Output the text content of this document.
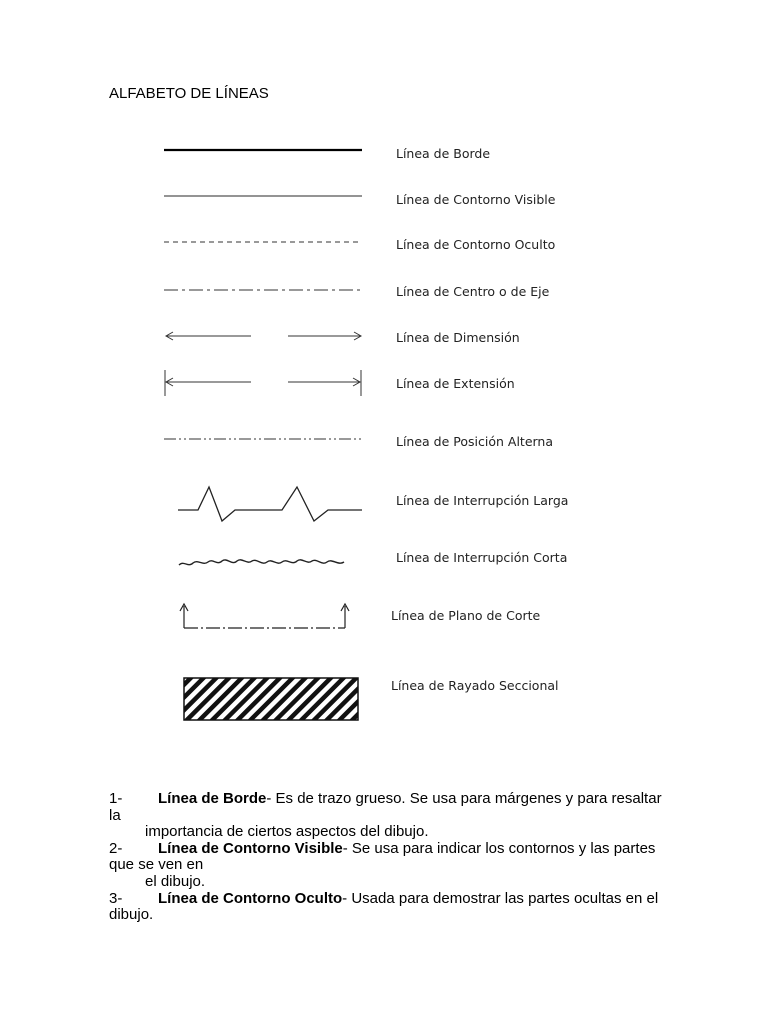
ALFABETO DE LÍNEAS
Línea de Borde
Línea de Contorno Visible
Línea de Contorno Oculto
Línea de Centro o de Eje
Línea de Dimensión
Línea de Extensión
Línea de Posición Alterna
Línea de Interrupción Larga
Línea de Interrupción Corta
Línea de Plano de Corte
Línea de Rayado Seccional

1- Línea de Borde- Es de trazo grueso. Se usa para márgenes y para resaltar la

importancia de ciertos aspectos del dibujo.

2- Línea de Contorno Visible- Se usa para indicar los contornos y las partes que se ven en

el dibujo.

3- Línea de Contorno Oculto- Usada para demostrar las partes ocultas en el dibujo.
